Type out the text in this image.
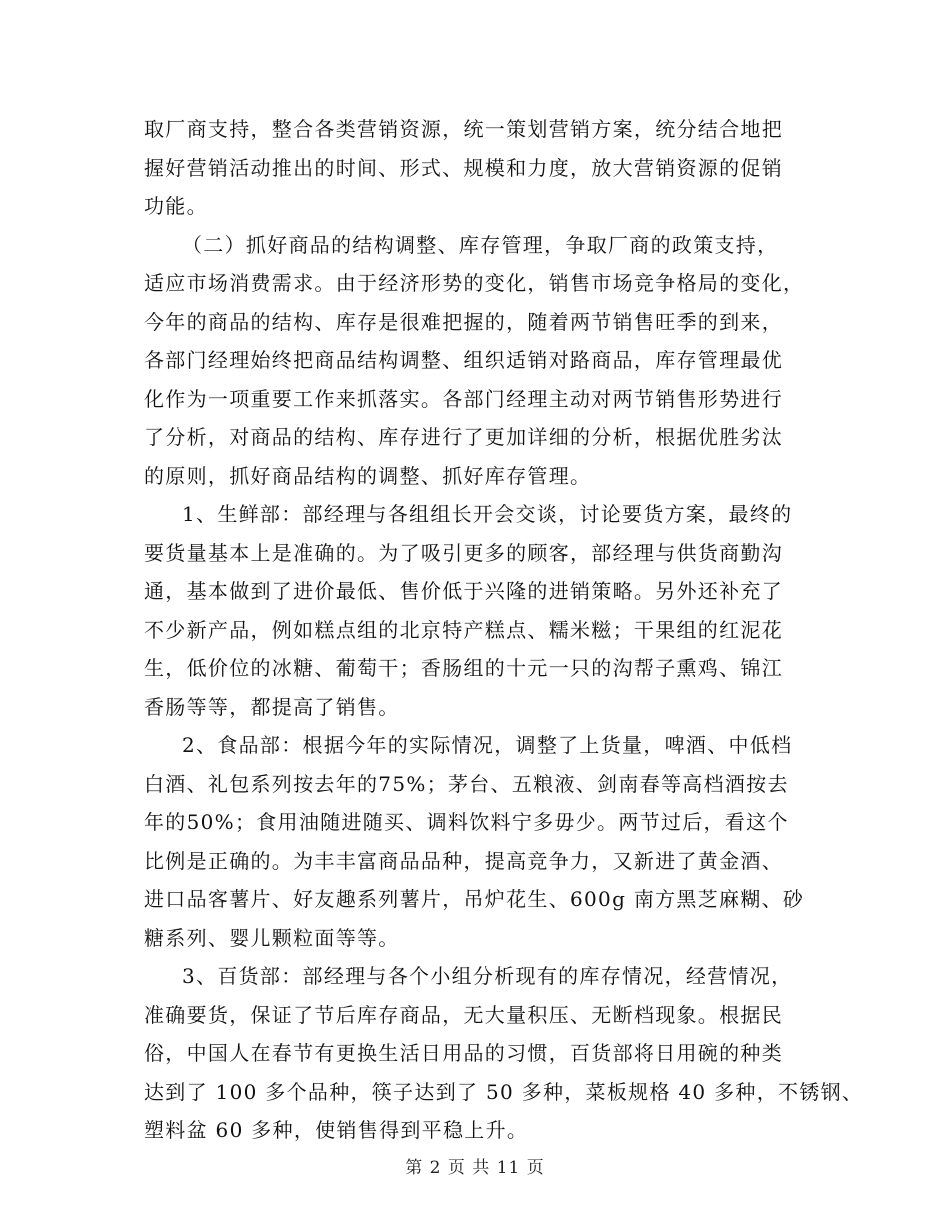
取厂商支持，整合各类营销资源，统一策划营销方案，统分结合地把
握好营销活动推出的时间、形式、规模和力度，放大营销资源的促销
功能。
（二）抓好商品的结构调整、库存管理，争取厂商的政策支持，
适应市场消费需求。由于经济形势的变化，销售市场竞争格局的变化，
今年的商品的结构、库存是很难把握的，随着两节销售旺季的到来，
各部门经理始终把商品结构调整、组织适销对路商品，库存管理最优
化作为一项重要工作来抓落实。各部门经理主动对两节销售形势进行
了分析，对商品的结构、库存进行了更加详细的分析，根据优胜劣汰
的原则，抓好商品结构的调整、抓好库存管理。
1、生鲜部：部经理与各组组长开会交谈，讨论要货方案，最终的
要货量基本上是准确的。为了吸引更多的顾客，部经理与供货商勤沟
通，基本做到了进价最低、售价低于兴隆的进销策略。另外还补充了
不少新产品，例如糕点组的北京特产糕点、糯米糍；干果组的红泥花
生，低价位的冰糖、葡萄干；香肠组的十元一只的沟帮子熏鸡、锦江
香肠等等，都提高了销售。
2、食品部：根据今年的实际情况，调整了上货量，啤酒、中低档
白酒、礼包系列按去年的75%；茅台、五粮液、剑南春等高档酒按去
年的50%；食用油随进随买、调料饮料宁多毋少。两节过后，看这个
比例是正确的。为丰丰富商品品种，提高竞争力，又新进了黄金酒、
进口品客薯片、好友趣系列薯片，吊炉花生、600g 南方黑芝麻糊、砂
糖系列、婴儿颗粒面等等。
3、百货部：部经理与各个小组分析现有的库存情况，经营情况，
准确要货，保证了节后库存商品，无大量积压、无断档现象。根据民
俗，中国人在春节有更换生活日用品的习惯，百货部将日用碗的种类
达到了 100 多个品种，筷子达到了 50 多种，菜板规格 40 多种，不锈钢、
塑料盆 60 多种，使销售得到平稳上升。
第 2 页 共 11 页
